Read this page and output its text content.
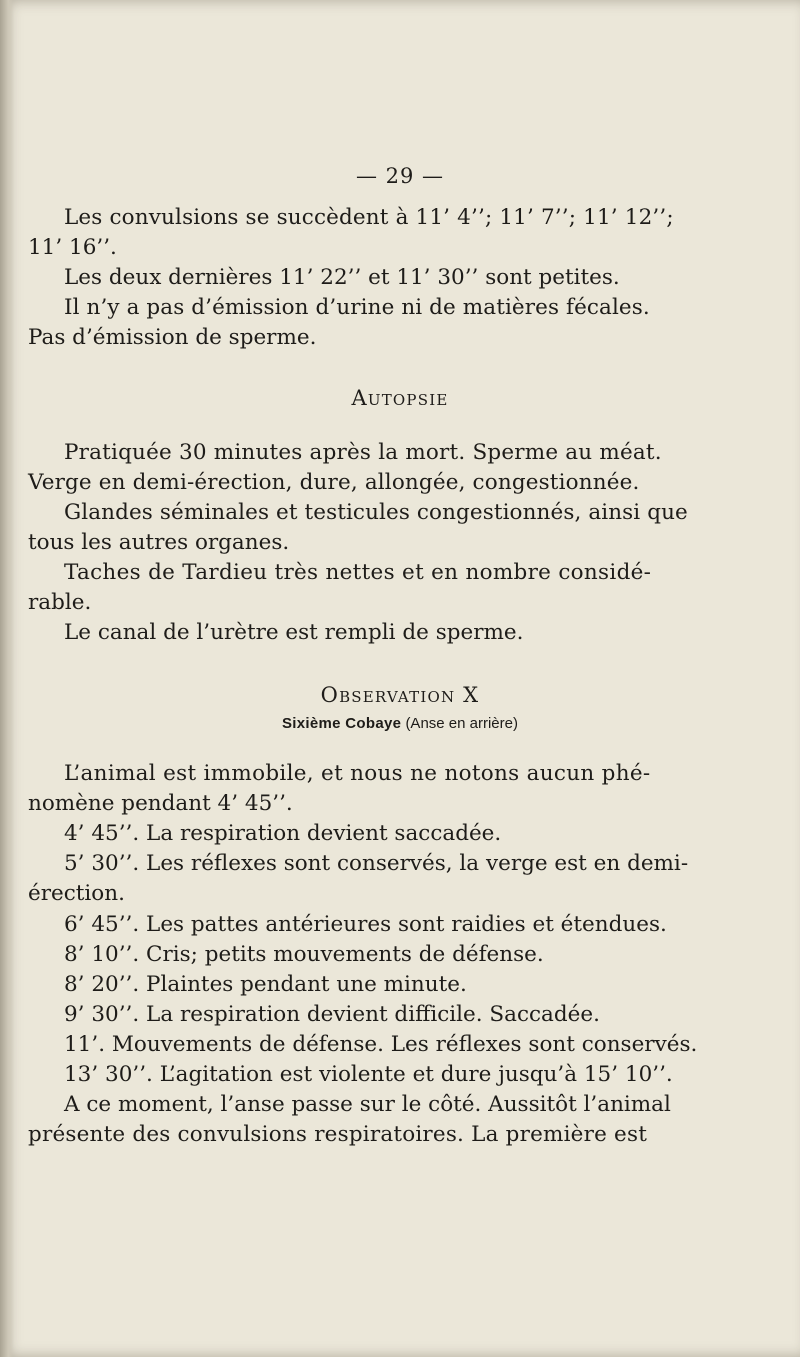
— 29 —
Les convulsions se succèdent à 11’ 4’’; 11’ 7’’; 11’ 12’’;
11’ 16’’.
Les deux dernières 11’ 22’’ et 11’ 30’’ sont petites.
Il n’y a pas d’émission d’urine ni de matières fécales.
Pas d’émission de sperme.
Autopsie
Pratiquée 30 minutes après la mort. Sperme au méat.
Verge en demi-érection, dure, allongée, congestionnée.
Glandes séminales et testicules congestionnés, ainsi que
tous les autres organes.
Taches de Tardieu très nettes et en nombre considé-
rable.
Le canal de l’urètre est rempli de sperme.
Observation X
Sixième Cobaye (Anse en arrière)
L’animal est immobile, et nous ne notons aucun phé-
nomène pendant 4’ 45’’.
4’ 45’’. La respiration devient saccadée.
5’ 30’’. Les réflexes sont conservés, la verge est en demi-
érection.
6’ 45’’. Les pattes antérieures sont raidies et étendues.
8’ 10’’. Cris; petits mouvements de défense.
8’ 20’’. Plaintes pendant une minute.
9’ 30’’. La respiration devient difficile. Saccadée.
11’. Mouvements de défense. Les réflexes sont conservés.
13’ 30’’. L’agitation est violente et dure jusqu’à 15’ 10’’.
A ce moment, l’anse passe sur le côté. Aussitôt l’animal
présente des convulsions respiratoires. La première est
